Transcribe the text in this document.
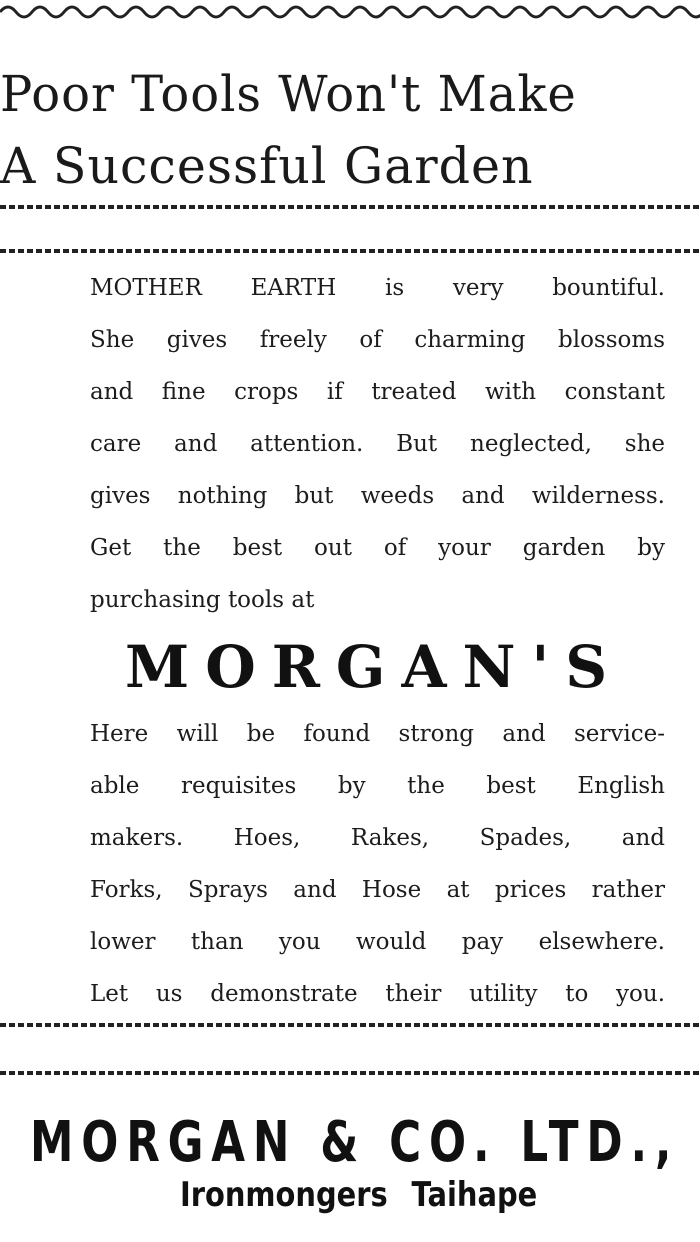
Poor Tools Won't Make
A Successful Garden
MOTHER EARTH is very bountiful.
She gives freely of charming blossoms
and fine crops if treated with constant
care and attention. But neglected, she
gives nothing but weeds and wilderness.
Get the best out of your garden by
purchasing tools at
MORGAN'S
Here will be found strong and service-
able requisites by the best English
makers. Hoes, Rakes, Spades, and
Forks, Sprays and Hose at prices rather
lower than you would pay elsewhere.
Let us demonstrate their utility to you.
MORGAN & CO. LTD.,
Ironmongers Taihape
